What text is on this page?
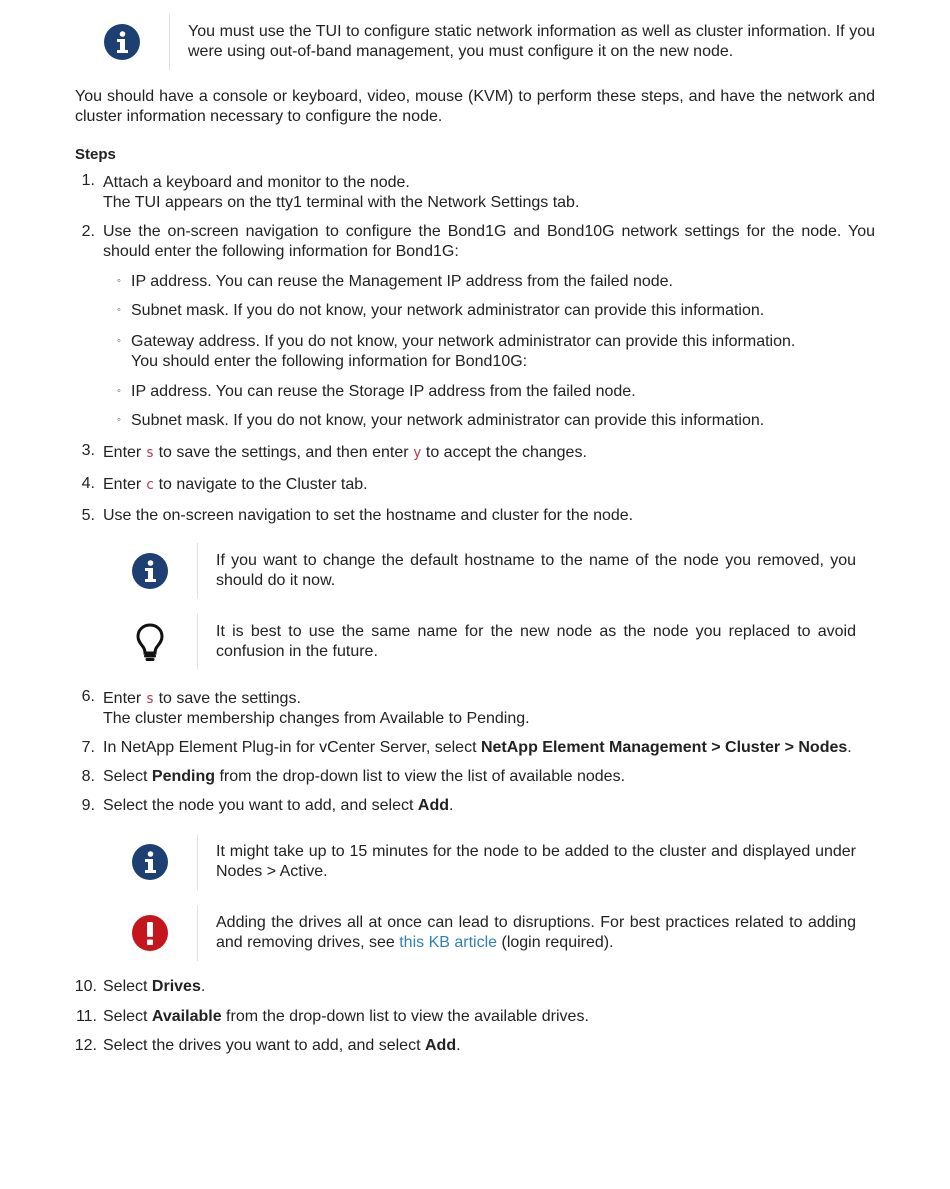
You must use the TUI to configure static network information as well as cluster information. If you were using out-of-band management, you must configure it on the new node.
You should have a console or keyboard, video, mouse (KVM) to perform these steps, and have the network and cluster information necessary to configure the node.
Steps
1. Attach a keyboard and monitor to the node.
The TUI appears on the tty1 terminal with the Network Settings tab.
2. Use the on-screen navigation to configure the Bond1G and Bond10G network settings for the node. You should enter the following information for Bond1G:
◦ IP address. You can reuse the Management IP address from the failed node.
◦ Subnet mask. If you do not know, your network administrator can provide this information.
◦ Gateway address. If you do not know, your network administrator can provide this information.
You should enter the following information for Bond10G:
◦ IP address. You can reuse the Storage IP address from the failed node.
◦ Subnet mask. If you do not know, your network administrator can provide this information.
3. Enter s to save the settings, and then enter y to accept the changes.
4. Enter c to navigate to the Cluster tab.
5. Use the on-screen navigation to set the hostname and cluster for the node.
If you want to change the default hostname to the name of the node you removed, you should do it now.
It is best to use the same name for the new node as the node you replaced to avoid confusion in the future.
6. Enter s to save the settings.
The cluster membership changes from Available to Pending.
7. In NetApp Element Plug-in for vCenter Server, select NetApp Element Management > Cluster > Nodes.
8. Select Pending from the drop-down list to view the list of available nodes.
9. Select the node you want to add, and select Add.
It might take up to 15 minutes for the node to be added to the cluster and displayed under Nodes > Active.
Adding the drives all at once can lead to disruptions. For best practices related to adding and removing drives, see this KB article (login required).
10. Select Drives.
11. Select Available from the drop-down list to view the available drives.
12. Select the drives you want to add, and select Add.
